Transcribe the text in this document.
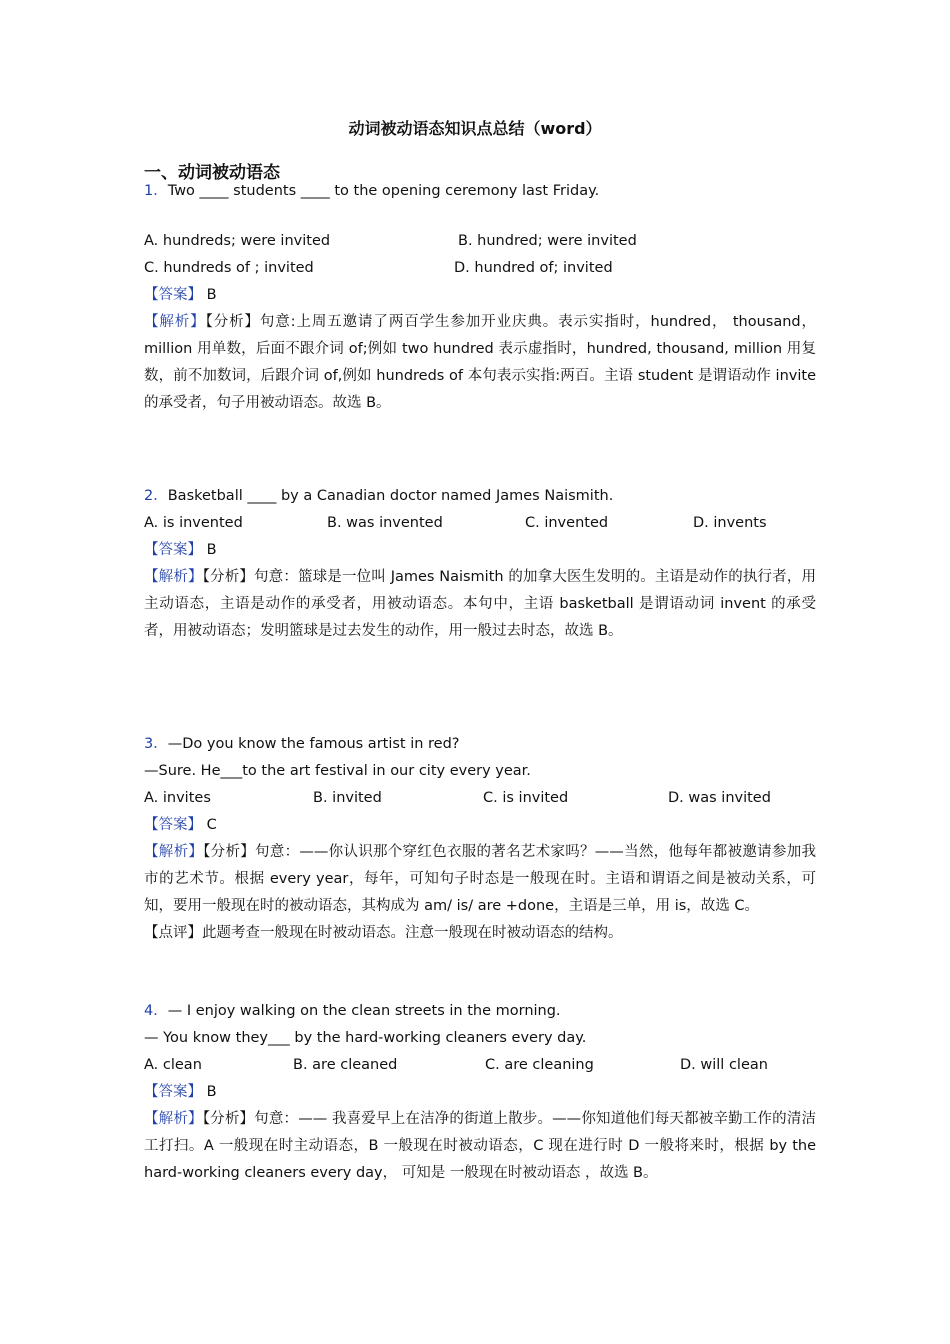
动词被动语态知识点总结（word）
一、动词被动语态
1．Two ____ students ____ to the opening ceremony last Friday.
A. hundreds; were invited	B. hundred; were invited
C. hundreds of ; invited	D. hundred of; invited
【答案】 B
【解析】【分析】句意:上周五邀请了两百学生参加开业庆典。表示实指时，hundred， thousand， million 用单数，后面不跟介词 of;例如 two hundred 表示虚指时，hundred, thousand, million 用复数，前不加数词，后跟介词 of,例如 hundreds of 本句表示实指:两百。主语 student 是谓语动作 invite 的承受者，句子用被动语态。故选 B。
2．Basketball ____ by a Canadian doctor named James Naismith.
A. is invented	B. was invented	C. invented	D. invents
【答案】 B
【解析】【分析】句意：篮球是一位叫 James Naismith 的加拿大医生发明的。主语是动作的执行者，用主动语态，主语是动作的承受者，用被动语态。本句中，主语 basketball 是谓语动词 invent 的承受者，用被动语态；发明篮球是过去发生的动作，用一般过去时态，故选 B。
3．—Do you know the famous artist in red?
—Sure. He___to the art festival in our city every year.
A. invites	B. invited	C. is invited	D. was invited
【答案】 C
【解析】【分析】句意：——你认识那个穿红色衣服的著名艺术家吗？——当然，他每年都被邀请参加我市的艺术节。根据 every year，每年，可知句子时态是一般现在时。主语和谓语之间是被动关系，可知，要用一般现在时的被动语态，其构成为 am/ is/ are +done，主语是三单，用 is，故选 C。
【点评】此题考查一般现在时被动语态。注意一般现在时被动语态的结构。
4．— I enjoy walking on the clean streets in the morning.
— You know they___ by the hard-working cleaners every day.
A. clean	B. are cleaned	C. are cleaning	D. will clean
【答案】 B
【解析】【分析】句意：—— 我喜爱早上在洁净的街道上散步。——你知道他们每天都被辛勤工作的清洁工打扫。A 一般现在时主动语态，B 一般现在时被动语态，C 现在进行时 D 一般将来时，根据 by the hard-working cleaners every day， 可知是 一般现在时被动语态 ，故选 B。
